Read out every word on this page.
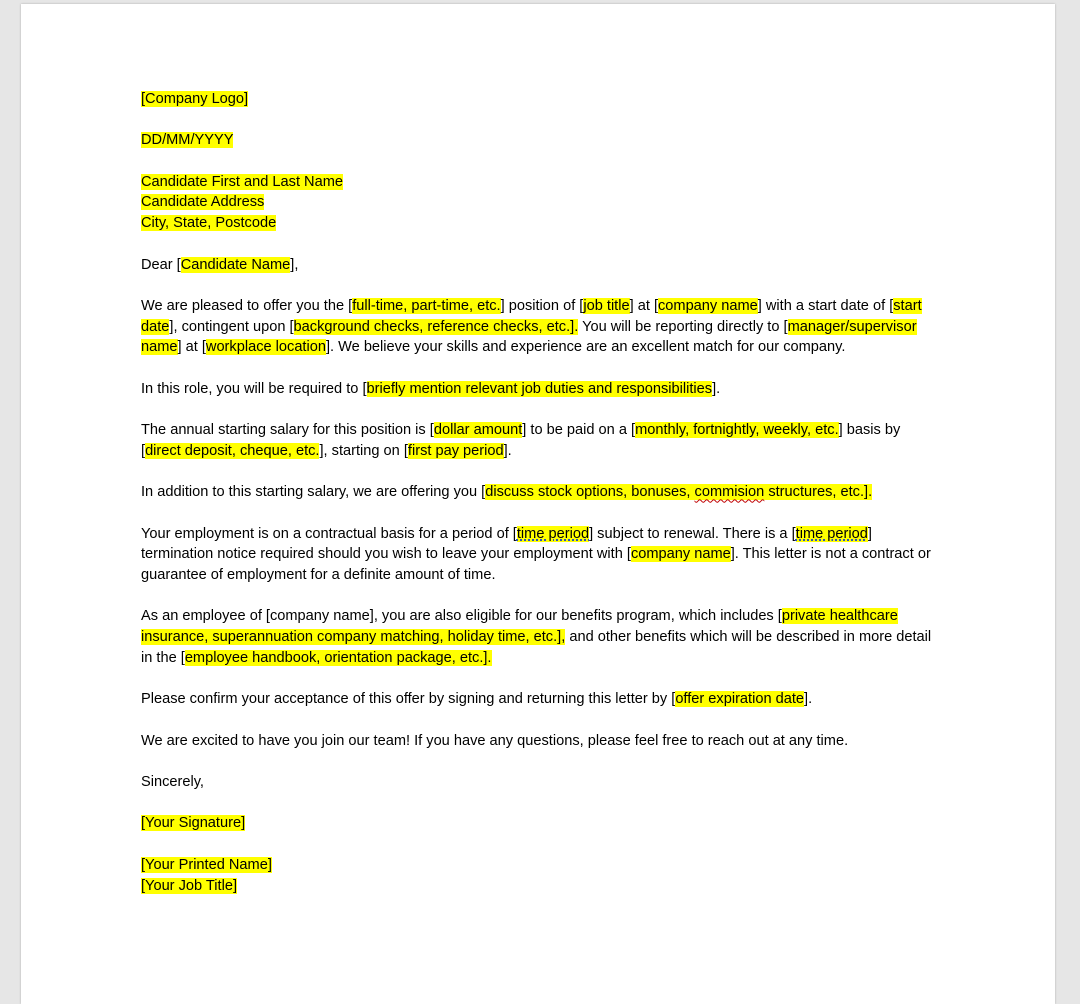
[Company Logo]

DD/MM/YYYY

Candidate First and Last Name
Candidate Address
City, State, Postcode

Dear [Candidate Name],

We are pleased to offer you the [full-time, part-time, etc.] position of [job title] at [company name] with a start date of [start date], contingent upon [background checks, reference checks, etc.]. You will be reporting directly to [manager/supervisor name] at [workplace location]. We believe your skills and experience are an excellent match for our company.

In this role, you will be required to [briefly mention relevant job duties and responsibilities].

The annual starting salary for this position is [dollar amount] to be paid on a [monthly, fortnightly, weekly, etc.] basis by [direct deposit, cheque, etc.], starting on [first pay period].

In addition to this starting salary, we are offering you [discuss stock options, bonuses, commision structures, etc.].

Your employment is on a contractual basis for a period of [time period] subject to renewal. There is a [time period] termination notice required should you wish to leave your employment with [company name]. This letter is not a contract or guarantee of employment for a definite amount of time.

As an employee of [company name], you are also eligible for our benefits program, which includes [private healthcare insurance, superannuation company matching, holiday time, etc.], and other benefits which will be described in more detail in the [employee handbook, orientation package, etc.].

Please confirm your acceptance of this offer by signing and returning this letter by [offer expiration date].

We are excited to have you join our team! If you have any questions, please feel free to reach out at any time.

Sincerely,

[Your Signature]

[Your Printed Name]
[Your Job Title]
